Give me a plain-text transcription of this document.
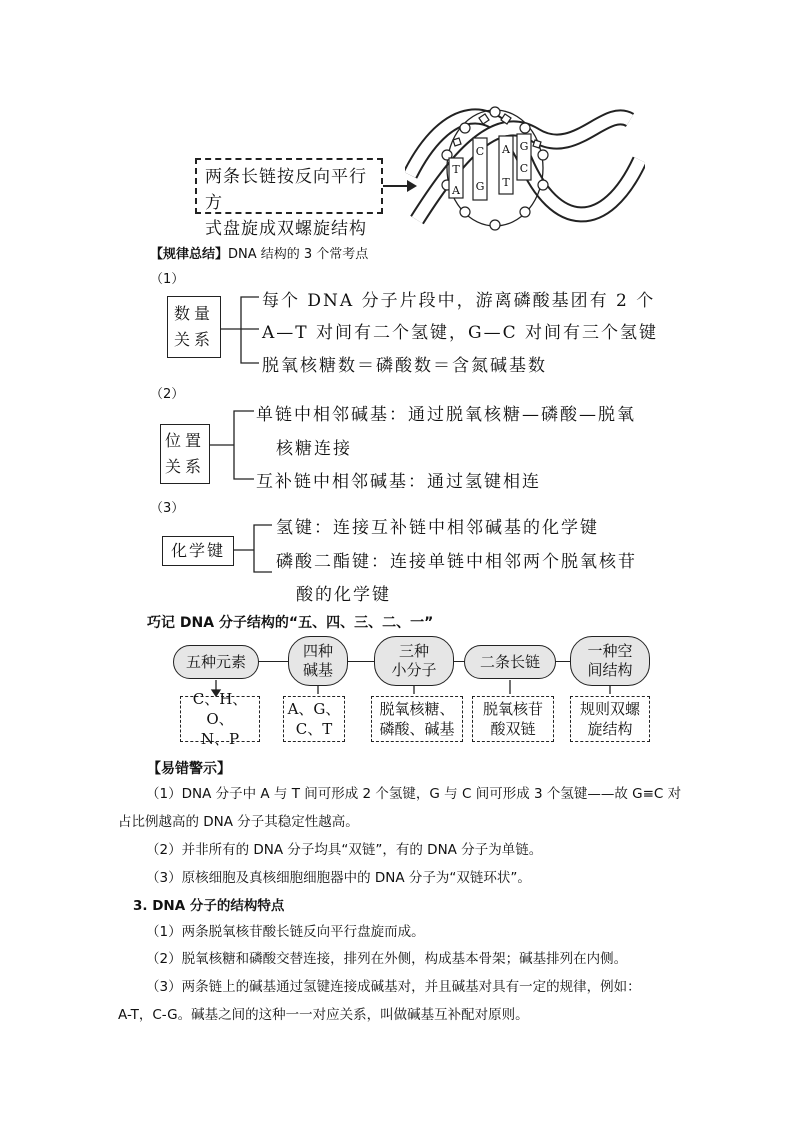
两条长链按反向平行方
式盘旋成双螺旋结构
T
A
C
G
A
T
G
C
【规律总结】DNA 结构的 3 个常考点
（1）
数量
关系
每个 DNA 分子片段中，游离磷酸基团有 2 个
A—T 对间有二个氢键，G—C 对间有三个氢键
脱氧核糖数＝磷酸数＝含氮碱基数
（2）
位置
关系
单链中相邻碱基：通过脱氧核糖—磷酸—脱氧
核糖连接
互补链中相邻碱基：通过氢键相连
（3）
化学键
氢键：连接互补链中相邻碱基的化学键
磷酸二酯键：连接单链中相邻两个脱氧核苷
酸的化学键
巧记 DNA 分子结构的“五、四、三、二、一”
五种元素
四种
碱基
三种
小分子	二条长链
一种空
间结构
C、H、O、
N、P
A、G、
C、T
脱氧核糖、
磷酸、碱基
脱氧核苷
酸双链
规则双螺
旋结构
【易错警示】
（1）DNA 分子中 A 与 T 间可形成 2 个氢键，G 与 C 间可形成 3 个氢键——故 G≡C 对
占比例越高的 DNA 分子其稳定性越高。
（2）并非所有的 DNA 分子均具“双链”，有的 DNA 分子为单链。
（3）原核细胞及真核细胞细胞器中的 DNA 分子为“双链环状”。
3. DNA 分子的结构特点
（1）两条脱氧核苷酸长链反向平行盘旋而成。
（2）脱氧核糖和磷酸交替连接，排列在外侧，构成基本骨架；碱基排列在内侧。
（3）两条链上的碱基通过氢键连接成碱基对，并且碱基对具有一定的规律，例如：
A-T，C-G。碱基之间的这种一一对应关系，叫做碱基互补配对原则。
